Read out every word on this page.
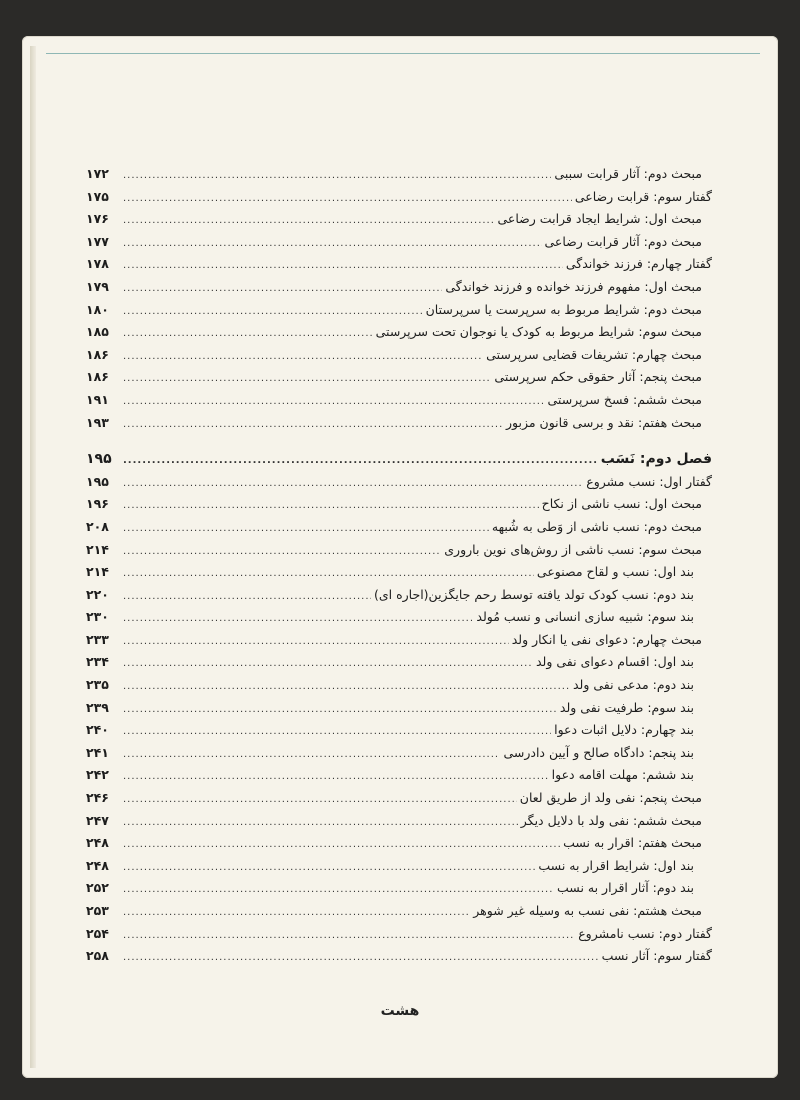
مبحث دوم: آثار قرابت سببی
.....
۱۷۲
گفتار سوم: قرابت رضاعی
.....
۱۷۵
مبحث اول: شرایط ایجاد قرابت رضاعی
.....
۱۷۶
مبحث دوم: آثار قرابت رضاعی
.....
۱۷۷
گفتار چهارم: فرزند خواندگی
.....
۱۷۸
مبحث اول: مفهوم فرزند خوانده و فرزند خواندگی
.....
۱۷۹
مبحث دوم: شرایط مربوط به سرپرست یا سرپرستان
.....
۱۸۰
مبحث سوم: شرایط مربوط به کودک یا نوجوان تحت سرپرستی
.....
۱۸۵
مبحث چهارم: تشریفات قضایی سرپرستی
.....
۱۸۶
مبحث پنجم: آثار حقوقی حکم سرپرستی
.....
۱۸۶
مبحث ششم: فسخ سرپرستی
.....
۱۹۱
مبحث هفتم: نقد و برسی قانون مزبور
.....
۱۹۳
فصل دوم: نَسَب
.....
۱۹۵
گفتار اول: نسب مشروع
.....
۱۹۵
مبحث اول: نسب ناشی از نکاح
.....
۱۹۶
مبحث دوم: نسب ناشی از وَطی به شُبهه
.....
۲۰۸
مبحث سوم: نسب ناشی از روش‌های نوین باروری
.....
۲۱۴
بند اول: نسب و لقاح مصنوعی
.....
۲۱۴
بند دوم: نسب کودک تولد یافته توسط رحم جایگزین(اجاره ای)
.....
۲۲۰
بند سوم: شبیه سازی انسانی و نسب مُولد
.....
۲۳۰
مبحث چهارم: دعوای نفی یا انکار ولد
.....
۲۳۳
بند اول: اقسام دعوای نفی ولد
.....
۲۳۴
بند دوم: مدعی نفی ولد
.....
۲۳۵
بند سوم: طرفیت نفی ولد
.....
۲۳۹
بند چهارم: دلایل اثبات دعوا
.....
۲۴۰
بند پنجم: دادگاه صالح و آیین دادرسی
.....
۲۴۱
بند ششم: مهلت اقامه دعوا
.....
۲۴۲
مبحث پنجم: نفی ولد از طریق لعان
.....
۲۴۶
مبحث ششم: نفی ولد با دلایل دیگر
.....
۲۴۷
مبحث هفتم: اقرار به نسب
.....
۲۴۸
بند اول: شرایط اقرار به نسب
.....
۲۴۸
بند دوم: آثار اقرار به نسب
.....
۲۵۲
مبحث هشتم: نفی نسب به وسیله غیر شوهر
.....
۲۵۳
گفتار دوم: نسب نامشروع
.....
۲۵۴
گفتار سوم: آثار نسب
.....
۲۵۸
هشت
